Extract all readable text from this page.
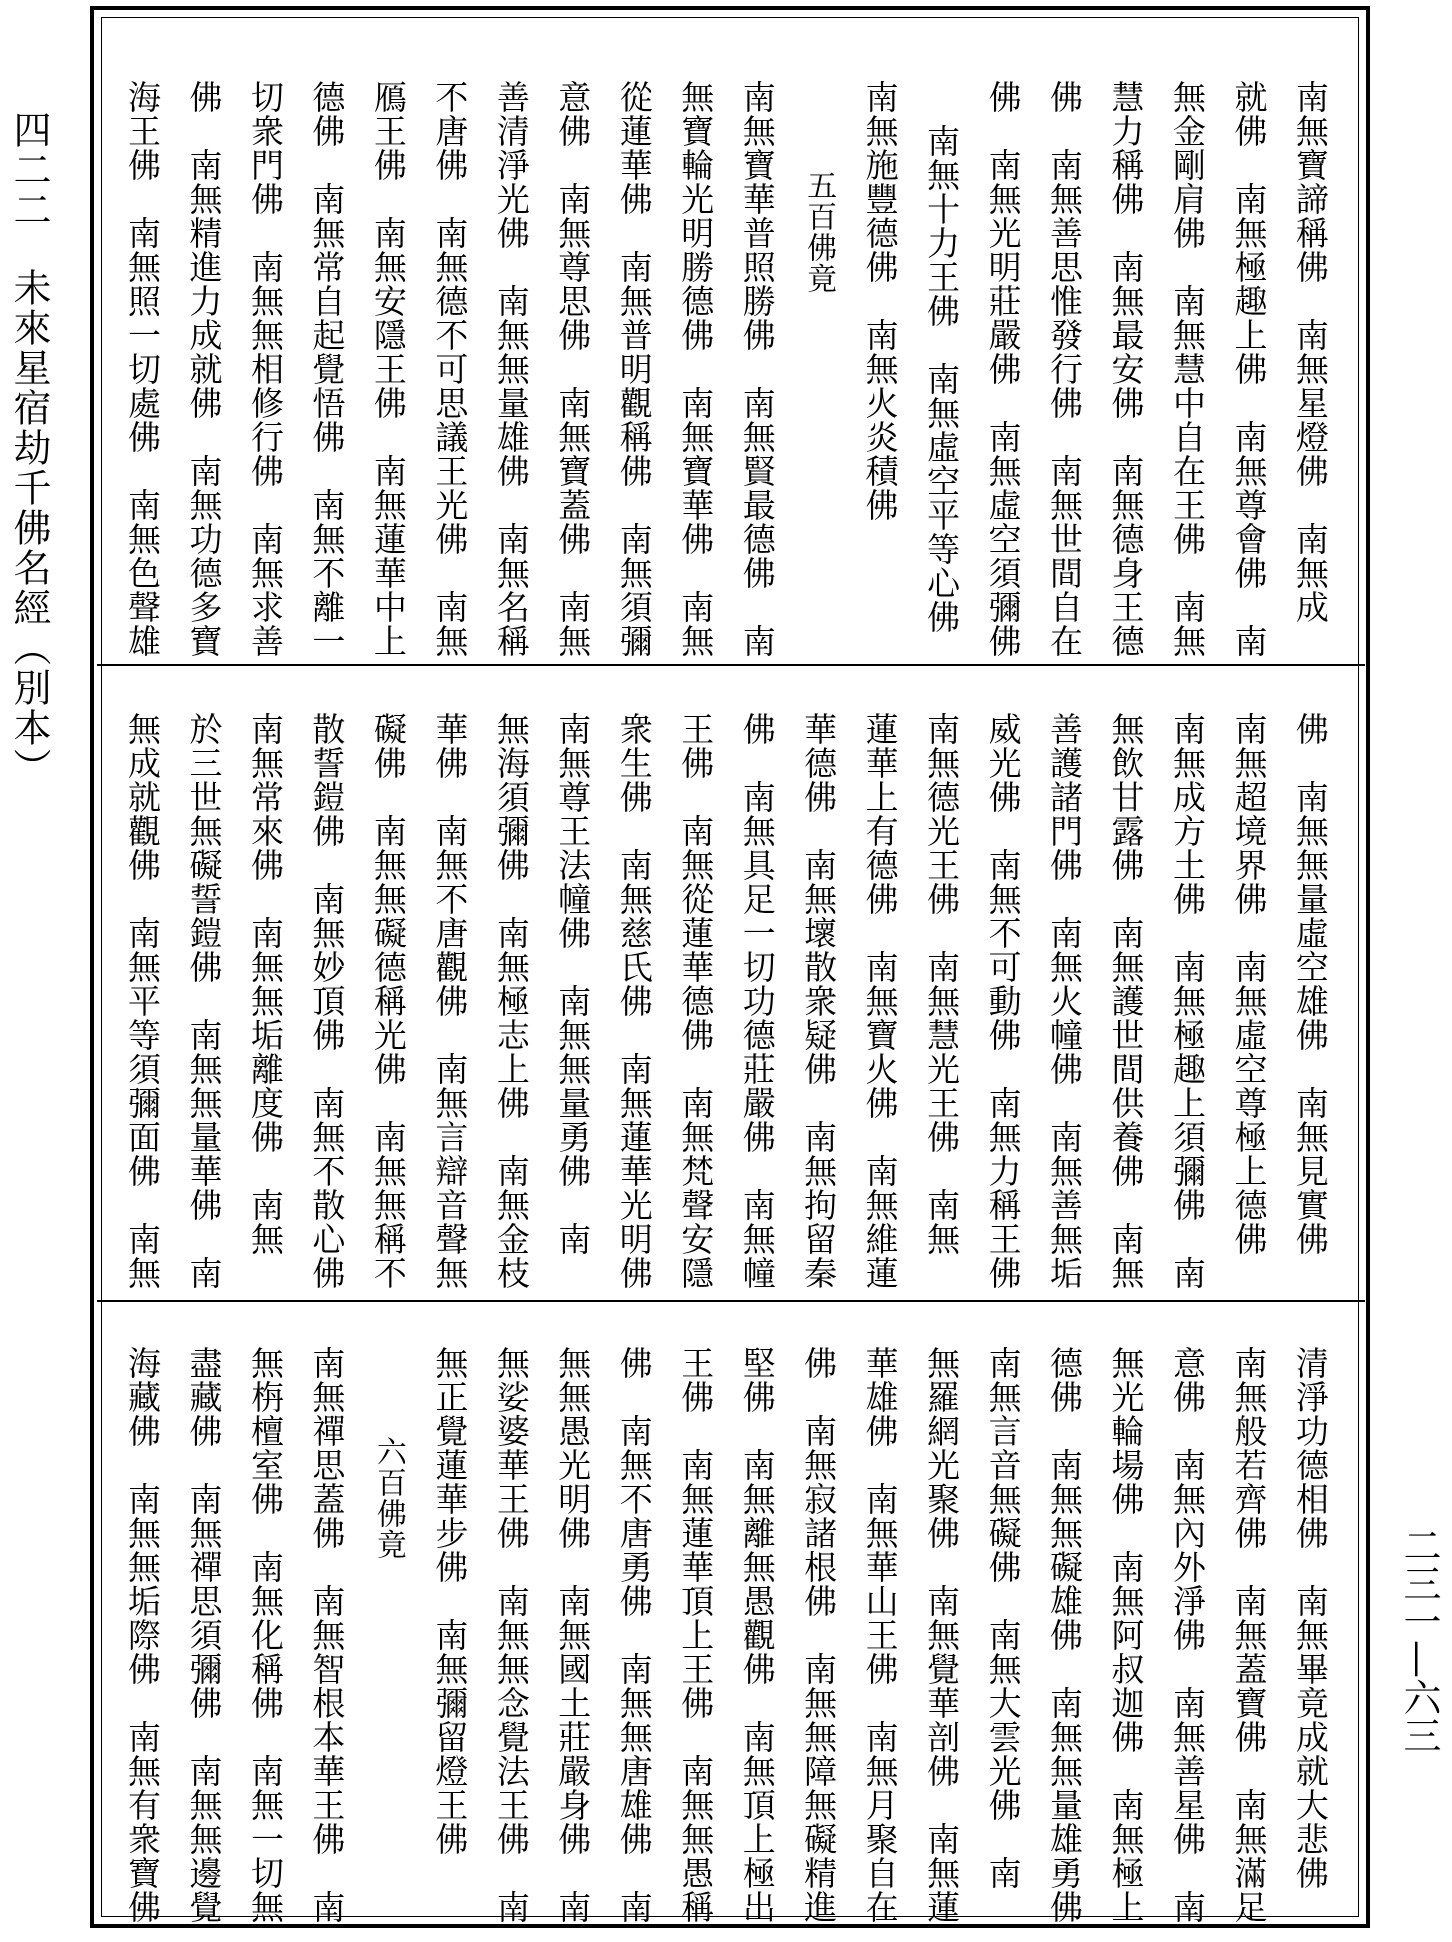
四二二未來星宿劫千佛名經（別本）
二三一—六三
南無寶諦稱佛　南無星燈佛　南無成
就佛　南無極趣上佛　南無尊會佛　南
無金剛肩佛　南無慧中自在王佛　南無
慧力稱佛　南無最安佛　南無德身王德
佛　南無善思惟發行佛　南無世間自在
佛　南無光明莊嚴佛　南無虛空須彌佛
南無十力王佛　南無虛空平等心佛
南無施豐德佛　南無火炎積佛
五百佛竟
南無寶華普照勝佛　南無賢最德佛　南
無寶輪光明勝德佛　南無寶華佛　南無
從蓮華佛　南無普明觀稱佛　南無須彌
意佛　南無尊思佛　南無寶蓋佛　南無
善清淨光佛　南無無量雄佛　南無名稱
不唐佛　南無德不可思議王光佛　南無
鴈王佛　南無安隱王佛　南無蓮華中上
德佛　南無常自起覺悟佛　南無不離一
切衆門佛　南無無相修行佛　南無求善
佛　南無精進力成就佛　南無功德多寶
海王佛　南無照一切處佛　南無色聲雄
佛　南無無量虛空雄佛　南無見實佛
南無超境界佛　南無虛空尊極上德佛
南無成方土佛　南無極趣上須彌佛　南
無飲甘露佛　南無護世間供養佛　南無
善護諸門佛　南無火幢佛　南無善無垢
威光佛　南無不可動佛　南無力稱王佛
南無德光王佛　南無慧光王佛　南無
蓮華上有德佛　南無寶火佛　南無維蓮
華德佛　南無壞散衆疑佛　南無拘留秦
佛　南無具足一切功德莊嚴佛　南無幢
王佛　南無從蓮華德佛　南無梵聲安隱
衆生佛　南無慈氏佛　南無蓮華光明佛
南無尊王法幢佛　南無無量勇佛　南
無海須彌佛　南無極志上佛　南無金枝
華佛　南無不唐觀佛　南無言辯音聲無
礙佛　南無無礙德稱光佛　南無無稱不
散誓鎧佛　南無妙頂佛　南無不散心佛
南無常來佛　南無無垢離度佛　南無
於三世無礙誓鎧佛　南無無量華佛　南
無成就觀佛　南無平等須彌面佛　南無
清淨功德相佛　南無畢竟成就大悲佛
南無般若齊佛　南無蓋寶佛　南無滿足
意佛　南無內外淨佛　南無善星佛　南
無光輪場佛　南無阿叔迦佛　南無極上
德佛　南無無礙雄佛　南無無量雄勇佛
南無言音無礙佛　南無大雲光佛　南
無羅網光聚佛　南無覺華剖佛　南無蓮
華雄佛　南無華山王佛　南無月聚自在
佛　南無寂諸根佛　南無無障無礙精進
堅佛　南無離無愚觀佛　南無頂上極出
王佛　南無蓮華頂上王佛　南無無愚稱
佛　南無不唐勇佛　南無無唐雄佛　南
無無愚光明佛　南無國土莊嚴身佛　南
無娑婆華王佛　南無無念覺法王佛　南
無正覺蓮華步佛　南無彌留燈王佛
六百佛竟
南無禪思蓋佛　南無智根本華王佛　南
無栴檀室佛　南無化稱佛　南無一切無
盡藏佛　南無禪思須彌佛　南無無邊覺
海藏佛　南無無垢際佛　南無有衆寶佛
